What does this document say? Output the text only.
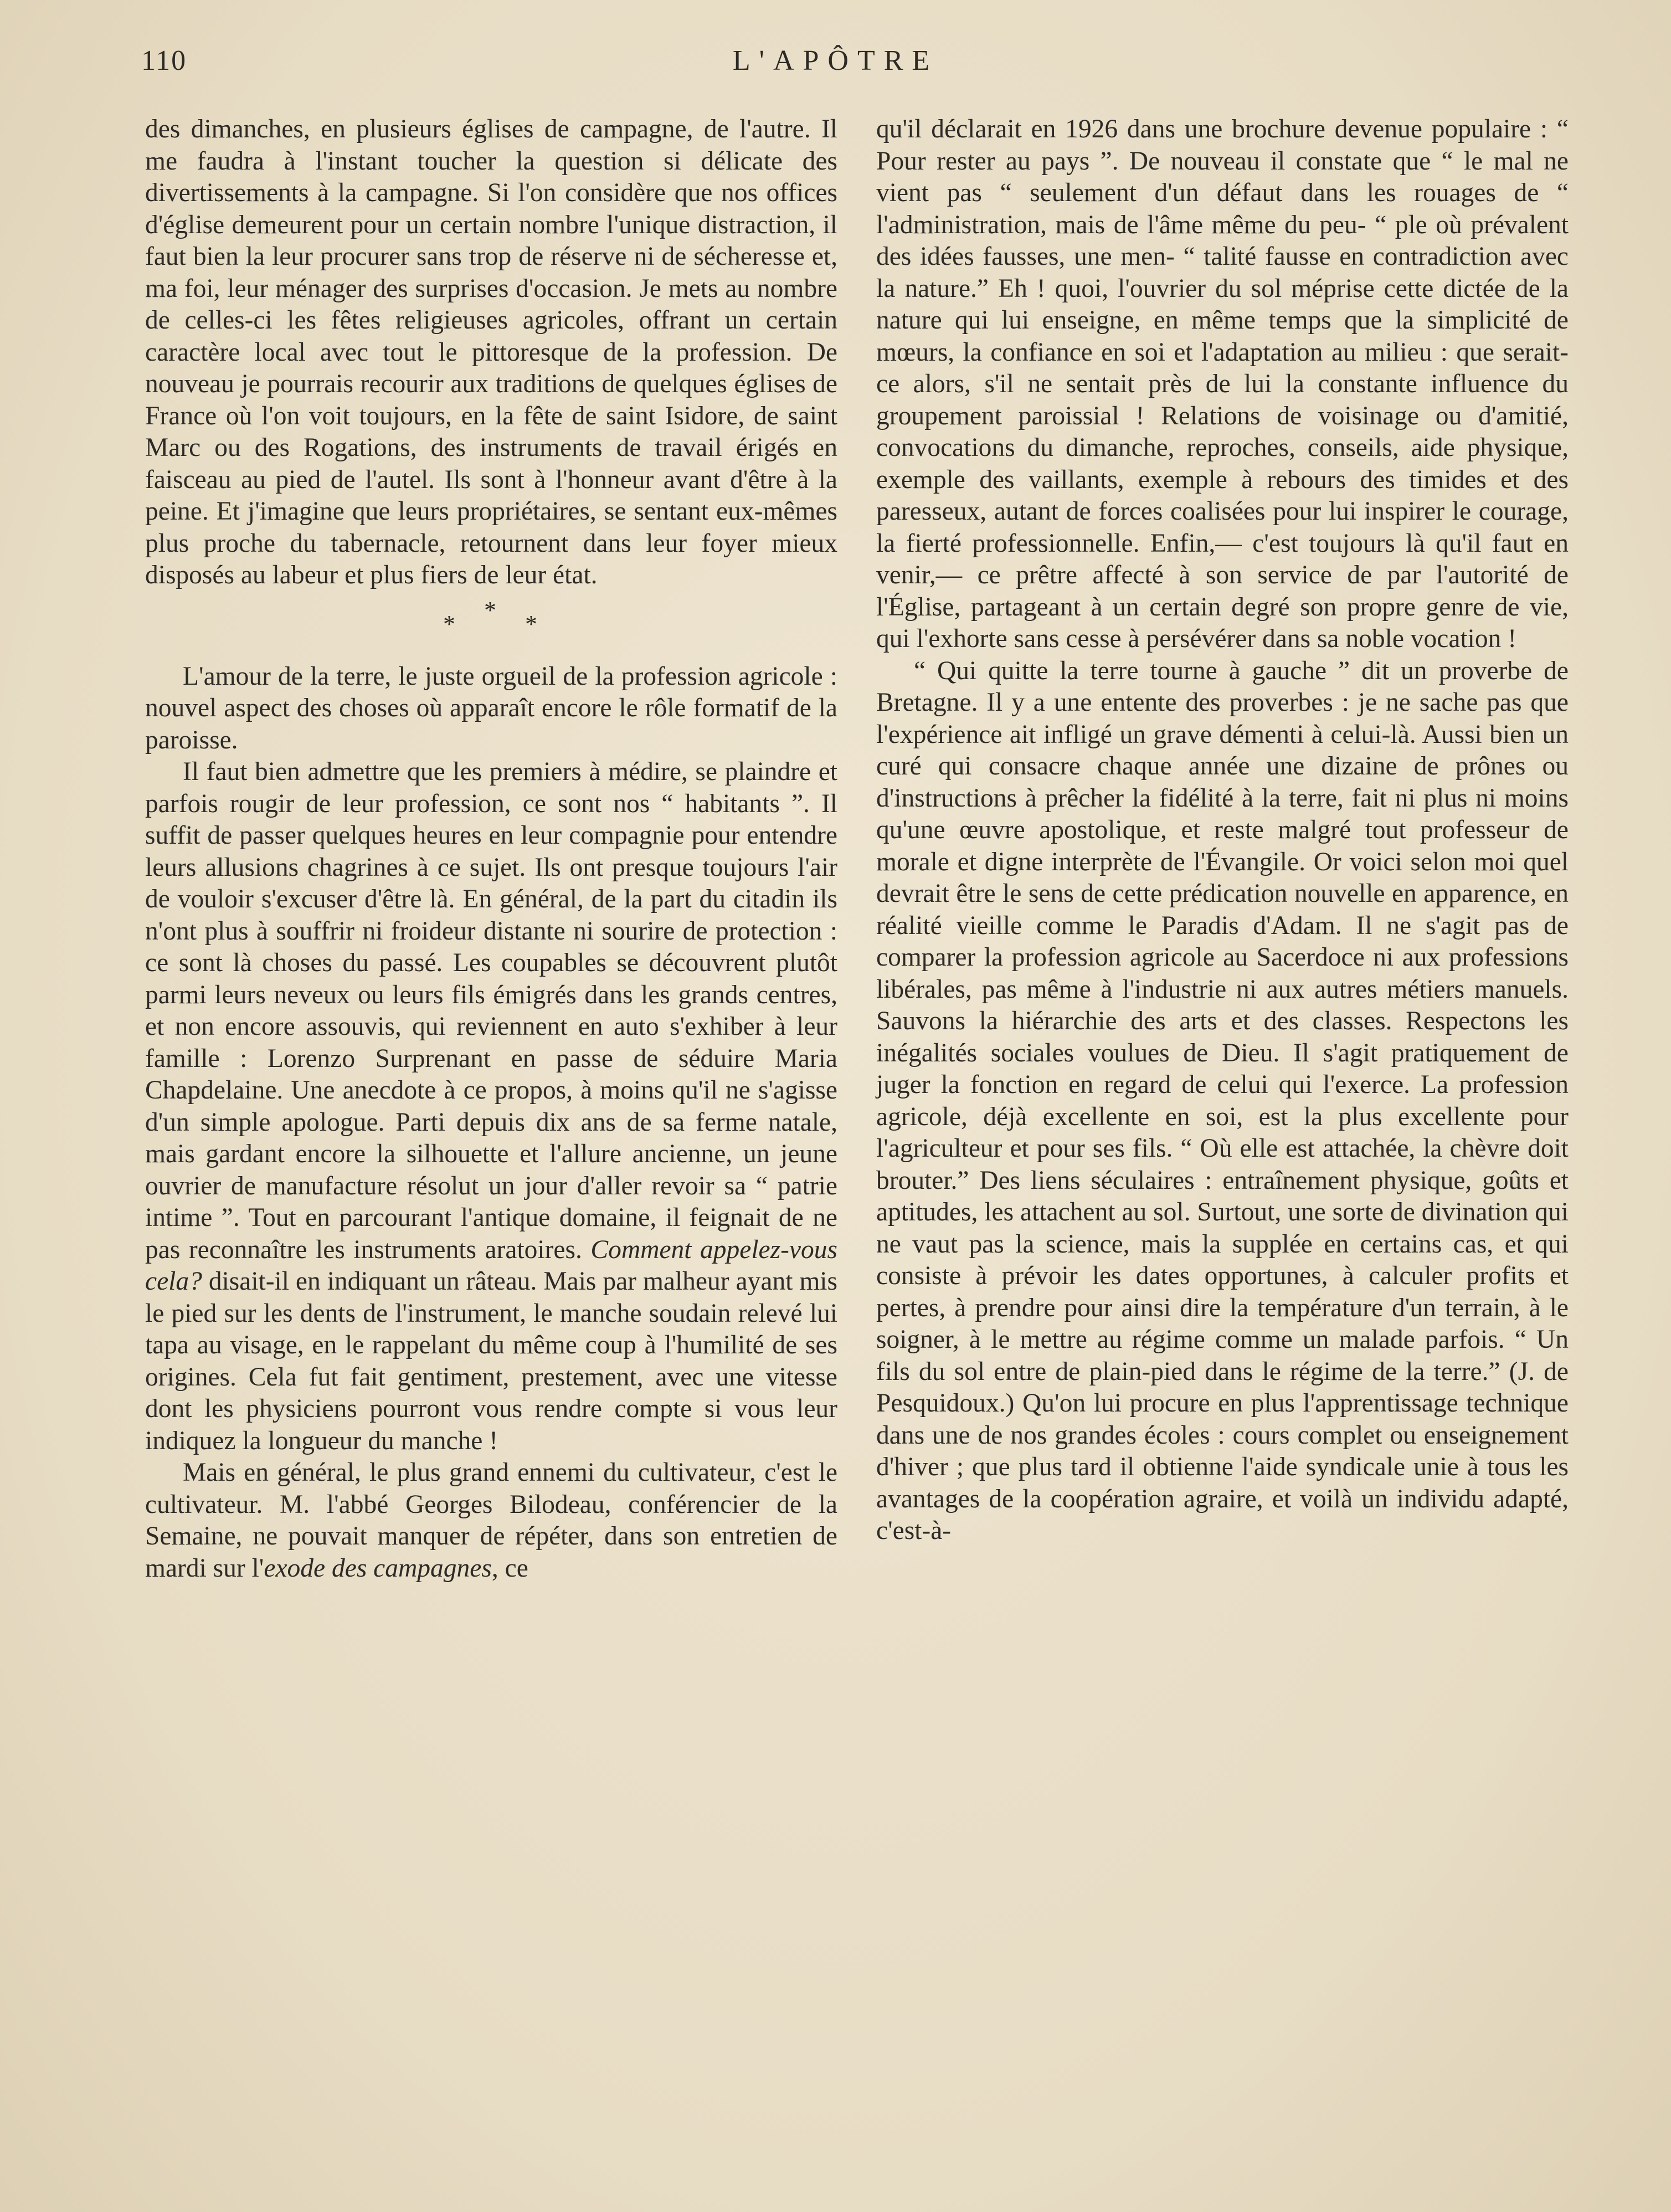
110	L'APÔTRE

des dimanches, en plusieurs églises de campagne, de l'autre. Il me faudra à l'instant toucher la question si délicate des divertissements à la campagne. Si l'on considère que nos offices d'église demeurent pour un certain nombre l'unique distraction, il faut bien la leur procurer sans trop de réserve ni de sécheresse et, ma foi, leur ménager des surprises d'occasion. Je mets au nombre de celles-ci les fêtes religieuses agricoles, offrant un certain caractère local avec tout le pittoresque de la profession. De nouveau je pourrais recourir aux traditions de quelques églises de France où l'on voit toujours, en la fête de saint Isidore, de saint Marc ou des Rogations, des instruments de travail érigés en faisceau au pied de l'autel. Ils sont à l'honneur avant d'être à la peine. Et j'imagine que leurs propriétaires, se sentant eux-mêmes plus proche du tabernacle, retournent dans leur foyer mieux disposés au labeur et plus fiers de leur état.

*
*
*

L'amour de la terre, le juste orgueil de la profession agricole : nouvel aspect des choses où apparaît encore le rôle formatif de la paroisse.

Il faut bien admettre que les premiers à médire, se plaindre et parfois rougir de leur profession, ce sont nos “ habitants ”. Il suffit de passer quelques heures en leur compagnie pour entendre leurs allusions chagrines à ce sujet. Ils ont presque toujours l'air de vouloir s'excuser d'être là. En général, de la part du citadin ils n'ont plus à souffrir ni froideur distante ni sourire de protection : ce sont là choses du passé. Les coupables se découvrent plutôt parmi leurs neveux ou leurs fils émigrés dans les grands centres, et non encore assouvis, qui reviennent en auto s'exhiber à leur famille : Lorenzo Surprenant en passe de séduire Maria Chapdelaine. Une anecdote à ce propos, à moins qu'il ne s'agisse d'un simple apologue. Parti depuis dix ans de sa ferme natale, mais gardant encore la silhouette et l'allure ancienne, un jeune ouvrier de manufacture résolut un jour d'aller revoir sa “ patrie intime ”. Tout en parcourant l'antique domaine, il feignait de ne pas reconnaître les instruments aratoires. Comment appelez-vous cela? disait-il en indiquant un râteau. Mais par malheur ayant mis le pied sur les dents de l'instrument, le manche soudain relevé lui tapa au visage, en le rappelant du même coup à l'humilité de ses origines. Cela fut fait gentiment, prestement, avec une vitesse dont les physiciens pourront vous rendre compte si vous leur indiquez la longueur du manche !

Mais en général, le plus grand ennemi du cultivateur, c'est le cultivateur. M. l'abbé Georges Bilodeau, conférencier de la Semaine, ne pouvait manquer de répéter, dans son entretien de mardi sur l'exode des campagnes, ce

qu'il déclarait en 1926 dans une brochure devenue populaire : “ Pour rester au pays ”. De nouveau il constate que “ le mal ne vient pas “ seulement d'un défaut dans les rouages de “ l'administration, mais de l'âme même du peu- “ ple où prévalent des idées fausses, une men- “ talité fausse en contradiction avec la nature.” Eh ! quoi, l'ouvrier du sol méprise cette dictée de la nature qui lui enseigne, en même temps que la simplicité de mœurs, la confiance en soi et l'adaptation au milieu : que serait-ce alors, s'il ne sentait près de lui la constante influence du groupement paroissial ! Relations de voisinage ou d'amitié, convocations du dimanche, reproches, conseils, aide physique, exemple des vaillants, exemple à rebours des timides et des paresseux, autant de forces coalisées pour lui inspirer le courage, la fierté professionnelle. Enfin,— c'est toujours là qu'il faut en venir,— ce prêtre affecté à son service de par l'autorité de l'Église, partageant à un certain degré son propre genre de vie, qui l'exhorte sans cesse à persévérer dans sa noble vocation !

“ Qui quitte la terre tourne à gauche ” dit un proverbe de Bretagne. Il y a une entente des proverbes : je ne sache pas que l'expérience ait infligé un grave démenti à celui-là. Aussi bien un curé qui consacre chaque année une dizaine de prônes ou d'instructions à prêcher la fidélité à la terre, fait ni plus ni moins qu'une œuvre apostolique, et reste malgré tout professeur de morale et digne interprète de l'Évangile. Or voici selon moi quel devrait être le sens de cette prédication nouvelle en apparence, en réalité vieille comme le Paradis d'Adam. Il ne s'agit pas de comparer la profession agricole au Sacerdoce ni aux professions libérales, pas même à l'industrie ni aux autres métiers manuels. Sauvons la hiérarchie des arts et des classes. Respectons les inégalités sociales voulues de Dieu. Il s'agit pratiquement de juger la fonction en regard de celui qui l'exerce. La profession agricole, déjà excellente en soi, est la plus excellente pour l'agriculteur et pour ses fils. “ Où elle est attachée, la chèvre doit brouter.” Des liens séculaires : entraînement physique, goûts et aptitudes, les attachent au sol. Surtout, une sorte de divination qui ne vaut pas la science, mais la supplée en certains cas, et qui consiste à prévoir les dates opportunes, à calculer profits et pertes, à prendre pour ainsi dire la température d'un terrain, à le soigner, à le mettre au régime comme un malade parfois. “ Un fils du sol entre de plain-pied dans le régime de la terre.” (J. de Pesquidoux.) Qu'on lui procure en plus l'apprentissage technique dans une de nos grandes écoles : cours complet ou enseignement d'hiver ; que plus tard il obtienne l'aide syndicale unie à tous les avantages de la coopération agraire, et voilà un individu adapté, c'est-à-
